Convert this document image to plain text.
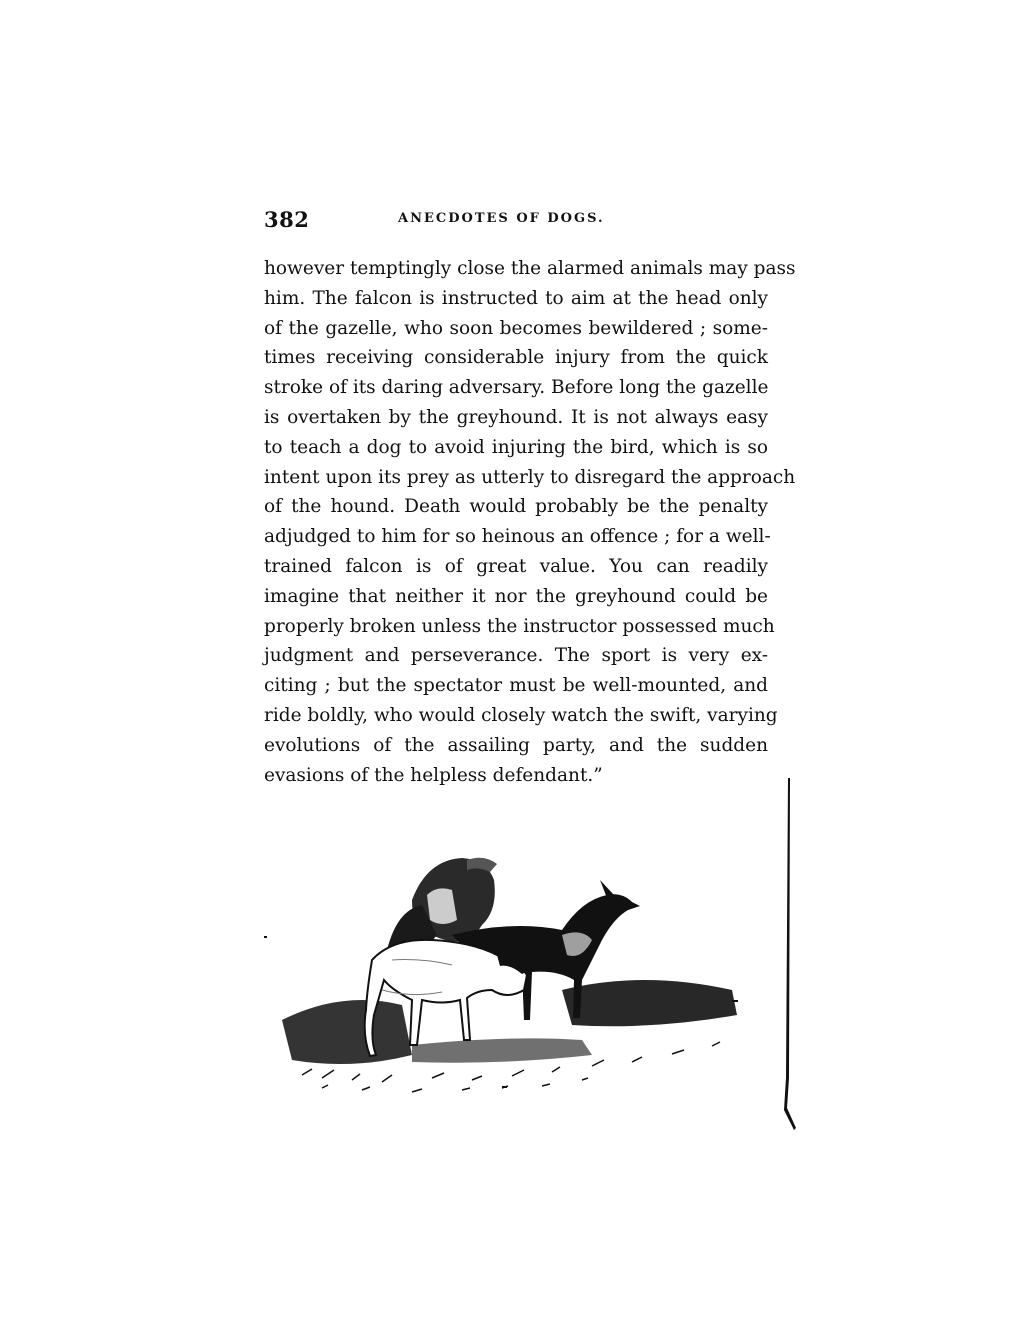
382	ANECDOTES OF DOGS.
however temptingly close the alarmed animals may pass
him. The falcon is instructed to aim at the head only
of the gazelle, who soon becomes bewildered ; some-
times receiving considerable injury from the quick
stroke of its daring adversary. Before long the gazelle
is overtaken by the greyhound. It is not always easy
to teach a dog to avoid injuring the bird, which is so
intent upon its prey as utterly to disregard the approach
of the hound. Death would probably be the penalty
adjudged to him for so heinous an offence ; for a well-
trained falcon is of great value. You can readily
imagine that neither it nor the greyhound could be
properly broken unless the instructor possessed much
judgment and perseverance. The sport is very ex-
citing ; but the spectator must be well-mounted, and
ride boldly, who would closely watch the swift, varying
evolutions of the assailing party, and the sudden
evasions of the helpless defendant.”
